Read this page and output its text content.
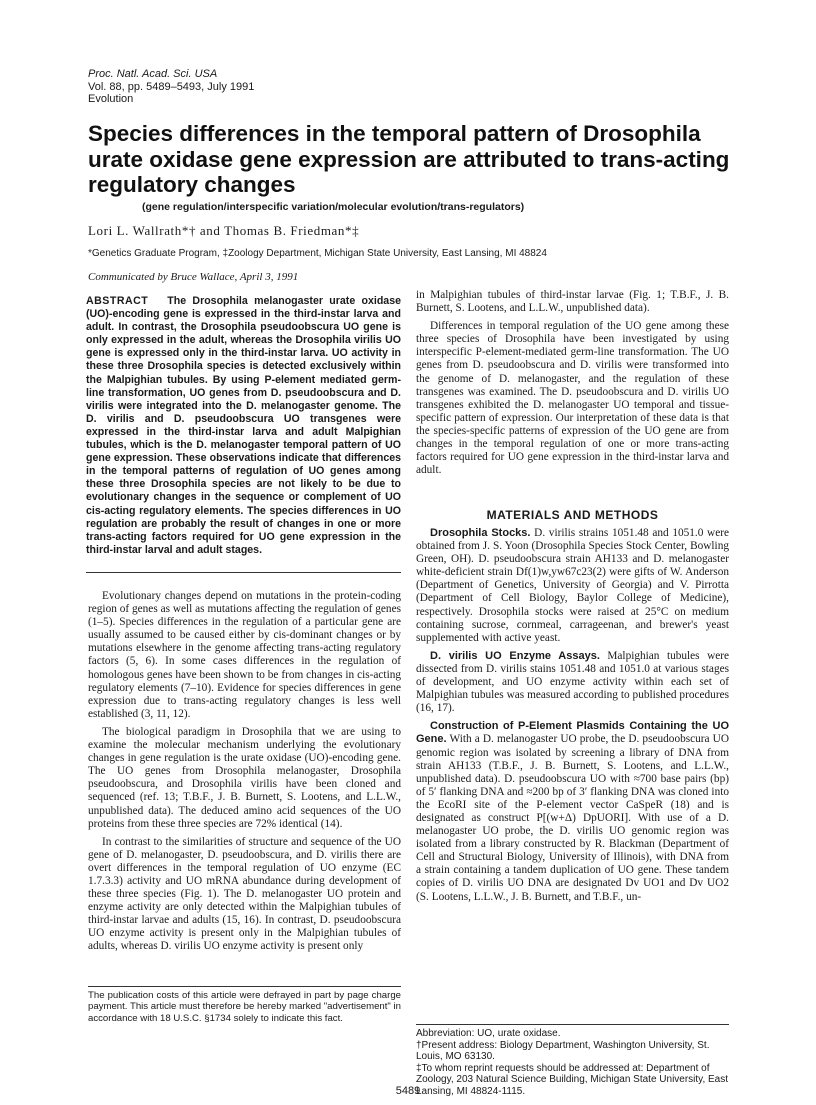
Proc. Natl. Acad. Sci. USA
Vol. 88, pp. 5489–5493, July 1991
Evolution
Species differences in the temporal pattern of Drosophila urate oxidase gene expression are attributed to trans-acting regulatory changes
(gene regulation/interspecific variation/molecular evolution/trans-regulators)
Lori L. Wallrath*† and Thomas B. Friedman*‡
*Genetics Graduate Program, ‡Zoology Department, Michigan State University, East Lansing, MI 48824
Communicated by Bruce Wallace, April 3, 1991

ABSTRACT The Drosophila melanogaster urate oxidase (UO)-encoding gene is expressed in the third-instar larva and adult. In contrast, the Drosophila pseudoobscura UO gene is only expressed in the adult, whereas the Drosophila virilis UO gene is expressed only in the third-instar larva. UO activity in these three Drosophila species is detected exclusively within the Malpighian tubules. By using P-element mediated germ-line transformation, UO genes from D. pseudoobscura and D. virilis were integrated into the D. melanogaster genome. The D. virilis and D. pseudoobscura UO transgenes were expressed in the third-instar larva and adult Malpighian tubules, which is the D. melanogaster temporal pattern of UO gene expression. These observations indicate that differences in the temporal patterns of regulation of UO genes among these three Drosophila species are not likely to be due to evolutionary changes in the sequence or complement of UO cis-acting regulatory elements. The species differences in UO regulation are probably the result of changes in one or more trans-acting factors required for UO gene expression in the third-instar larval and adult stages.

Evolutionary changes depend on mutations in the protein-coding region of genes as well as mutations affecting the regulation of genes (1–5). Species differences in the regulation of a particular gene are usually assumed to be caused either by cis-dominant changes or by mutations elsewhere in the genome affecting trans-acting regulatory factors (5, 6). In some cases differences in the regulation of homologous genes have been shown to be from changes in cis-acting regulatory elements (7–10). Evidence for species differences in gene expression due to trans-acting regulatory changes is less well established (3, 11, 12).

The biological paradigm in Drosophila that we are using to examine the molecular mechanism underlying the evolutionary changes in gene regulation is the urate oxidase (UO)-encoding gene. The UO genes from Drosophila melanogaster, Drosophila pseudoobscura, and Drosophila virilis have been cloned and sequenced (ref. 13; T.B.F., J. B. Burnett, S. Lootens, and L.L.W., unpublished data). The deduced amino acid sequences of the UO proteins from these three species are 72% identical (14).

In contrast to the similarities of structure and sequence of the UO gene of D. melanogaster, D. pseudoobscura, and D. virilis there are overt differences in the temporal regulation of UO enzyme (EC 1.7.3.3) activity and UO mRNA abundance during development of these three species (Fig. 1). The D. melanogaster UO protein and enzyme activity are only detected within the Malpighian tubules of third-instar larvae and adults (15, 16). In contrast, D. pseudoobscura UO enzyme activity is present only in the Malpighian tubules of adults, whereas D. virilis UO enzyme activity is present only

The publication costs of this article were defrayed in part by page charge payment. This article must therefore be hereby marked "advertisement" in accordance with 18 U.S.C. §1734 solely to indicate this fact.

in Malpighian tubules of third-instar larvae (Fig. 1; T.B.F., J. B. Burnett, S. Lootens, and L.L.W., unpublished data).

Differences in temporal regulation of the UO gene among these three species of Drosophila have been investigated by using interspecific P-element-mediated germ-line transformation. The UO genes from D. pseudoobscura and D. virilis were transformed into the genome of D. melanogaster, and the regulation of these transgenes was examined. The D. pseudoobscura and D. virilis UO transgenes exhibited the D. melanogaster UO temporal and tissue-specific pattern of expression. Our interpretation of these data is that the species-specific patterns of expression of the UO gene are from changes in the temporal regulation of one or more trans-acting factors required for UO gene expression in the third-instar larva and adult.

MATERIALS AND METHODS

Drosophila Stocks. D. virilis strains 1051.48 and 1051.0 were obtained from J. S. Yoon (Drosophila Species Stock Center, Bowling Green, OH). D. pseudoobscura strain AH133 and D. melanogaster white-deficient strain Df(1)w,yw67c23(2) were gifts of W. Anderson (Department of Genetics, University of Georgia) and V. Pirrotta (Department of Cell Biology, Baylor College of Medicine), respectively. Drosophila stocks were raised at 25°C on medium containing sucrose, cornmeal, carrageenan, and brewer's yeast supplemented with active yeast.

D. virilis UO Enzyme Assays. Malpighian tubules were dissected from D. virilis stains 1051.48 and 1051.0 at various stages of development, and UO enzyme activity within each set of Malpighian tubules was measured according to published procedures (16, 17).

Construction of P-Element Plasmids Containing the UO Gene. With a D. melanogaster UO probe, the D. pseudoobscura UO genomic region was isolated by screening a library of DNA from strain AH133 (T.B.F., J. B. Burnett, S. Lootens, and L.L.W., unpublished data). D. pseudoobscura UO with ≈700 base pairs (bp) of 5′ flanking DNA and ≈200 bp of 3′ flanking DNA was cloned into the EcoRI site of the P-element vector CaSpeR (18) and is designated as construct P[(w+Δ) DpUORI]. With use of a D. melanogaster UO probe, the D. virilis UO genomic region was isolated from a library constructed by R. Blackman (Department of Cell and Structural Biology, University of Illinois), with DNA from a strain containing a tandem duplication of UO gene. These tandem copies of D. virilis UO DNA are designated Dv UO1 and Dv UO2 (S. Lootens, L.L.W., J. B. Burnett, and T.B.F., un-

Abbreviation: UO, urate oxidase.
†Present address: Biology Department, Washington University, St. Louis, MO 63130.
‡To whom reprint requests should be addressed at: Department of Zoology, 203 Natural Science Building, Michigan State University, East Lansing, MI 48824-1115.
5489
